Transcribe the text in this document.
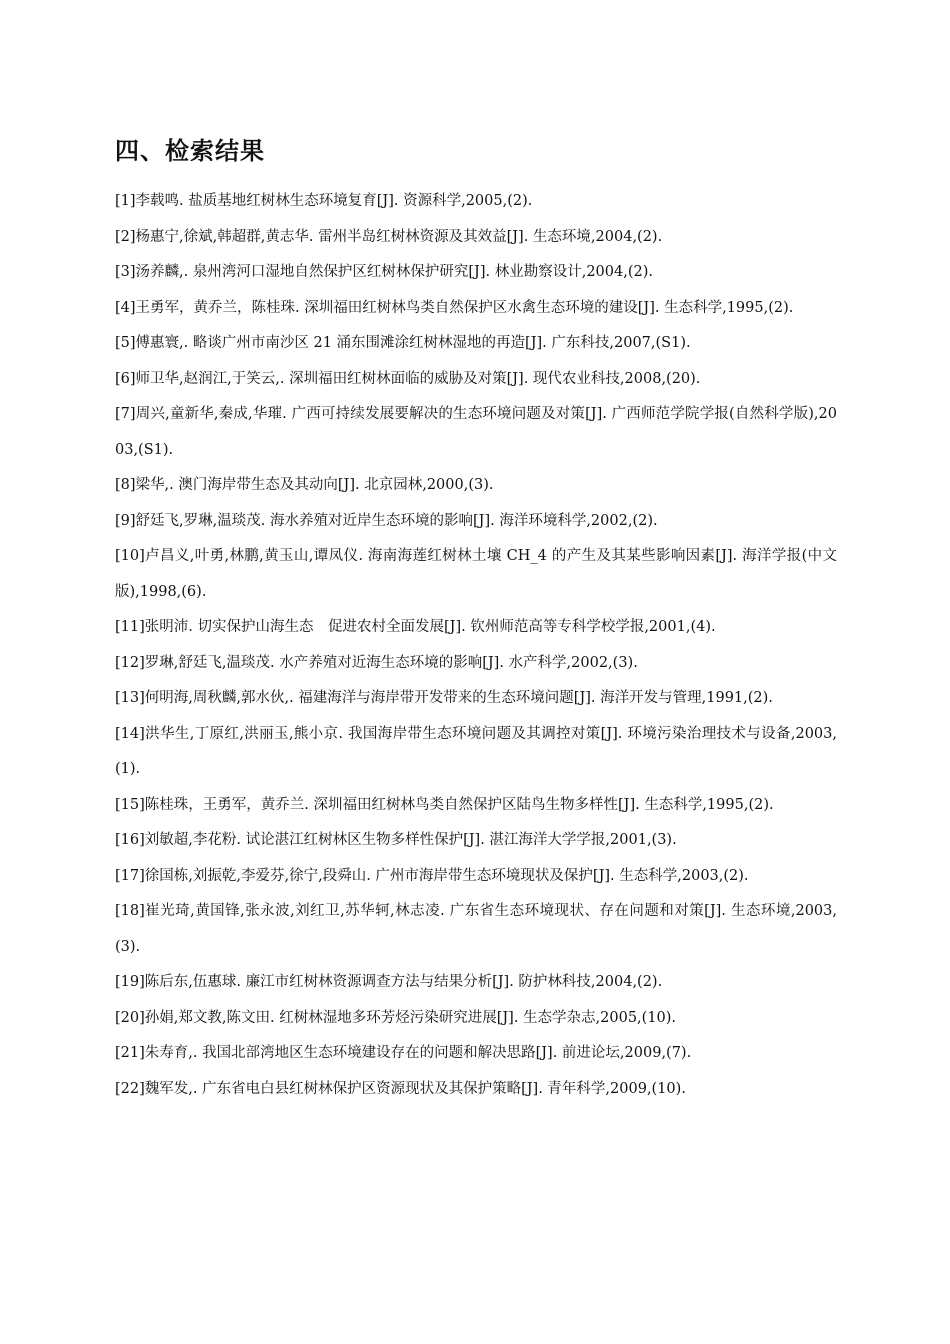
四、检索结果
[1]李载鸣. 盐质基地红树林生态环境复育[J]. 资源科学,2005,(2).
[2]杨惠宁,徐斌,韩超群,黄志华. 雷州半岛红树林资源及其效益[J]. 生态环境,2004,(2).
[3]汤养麟,. 泉州湾河口湿地自然保护区红树林保护研究[J]. 林业勘察设计,2004,(2).
[4]王勇军，黄乔兰，陈桂珠. 深圳福田红树林鸟类自然保护区水禽生态环境的建设[J]. 生态科学,1995,(2).
[5]傅惠寰,. 略谈广州市南沙区 21 涌东围滩涂红树林湿地的再造[J]. 广东科技,2007,(S1).
[6]师卫华,赵润江,于笑云,. 深圳福田红树林面临的威胁及对策[J]. 现代农业科技,2008,(20).
[7]周兴,童新华,秦成,华璀. 广西可持续发展要解决的生态环境问题及对策[J]. 广西师范学院学报(自然科学版),2003,(S1).
[8]梁华,. 澳门海岸带生态及其动向[J]. 北京园林,2000,(3).
[9]舒廷飞,罗琳,温琰茂. 海水养殖对近岸生态环境的影响[J]. 海洋环境科学,2002,(2).
[10]卢昌义,叶勇,林鹏,黄玉山,谭凤仪. 海南海莲红树林土壤 CH_4 的产生及其某些影响因素[J]. 海洋学报(中文版),1998,(6).
[11]张明沛. 切实保护山海生态　促进农村全面发展[J]. 钦州师范高等专科学校学报,2001,(4).
[12]罗琳,舒廷飞,温琰茂. 水产养殖对近海生态环境的影响[J]. 水产科学,2002,(3).
[13]何明海,周秋麟,郭水伙,. 福建海洋与海岸带开发带来的生态环境问题[J]. 海洋开发与管理,1991,(2).
[14]洪华生,丁原红,洪丽玉,熊小京. 我国海岸带生态环境问题及其调控对策[J]. 环境污染治理技术与设备,2003,(1).
[15]陈桂珠，王勇军，黄乔兰. 深圳福田红树林鸟类自然保护区陆鸟生物多样性[J]. 生态科学,1995,(2).
[16]刘敏超,李花粉. 试论湛江红树林区生物多样性保护[J]. 湛江海洋大学学报,2001,(3).
[17]徐国栋,刘振乾,李爱芬,徐宁,段舜山. 广州市海岸带生态环境现状及保护[J]. 生态科学,2003,(2).
[18]崔光琦,黄国锋,张永波,刘红卫,苏华轲,林志凌. 广东省生态环境现状、存在问题和对策[J]. 生态环境,2003,(3).
[19]陈后东,伍惠球. 廉江市红树林资源调查方法与结果分析[J]. 防护林科技,2004,(2).
[20]孙娟,郑文教,陈文田. 红树林湿地多环芳烃污染研究进展[J]. 生态学杂志,2005,(10).
[21]朱寿育,. 我国北部湾地区生态环境建设存在的问题和解决思路[J]. 前进论坛,2009,(7).
[22]魏军发,. 广东省电白县红树林保护区资源现状及其保护策略[J]. 青年科学,2009,(10).
